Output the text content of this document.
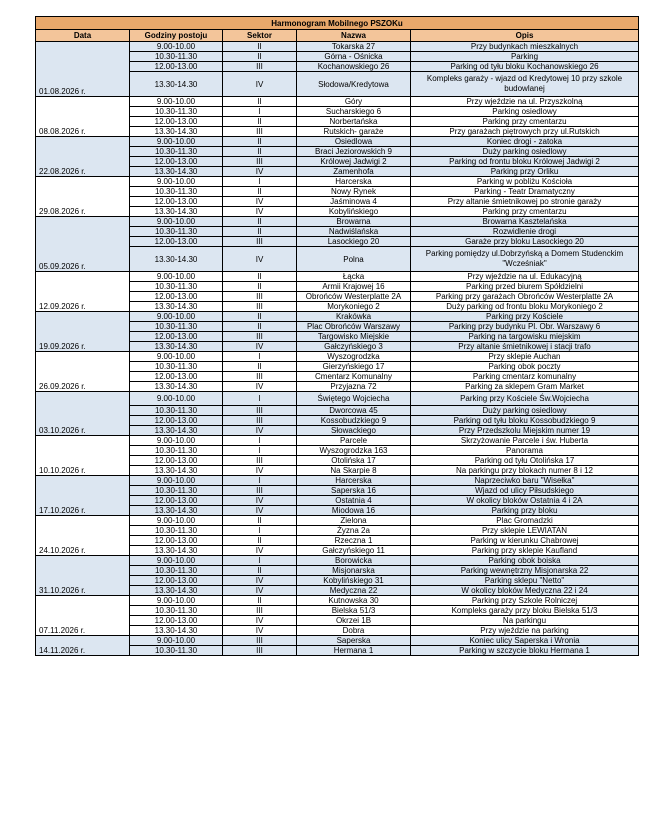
Harmonogram Mobilnego PSZOKu				
Data	Godziny postoju	Sektor	Nazwa	Opis
01.08.2026 r.	9.00-10.00	II	Tokarska 27	Przy budynkach mieszkalnych
	10.30-11.30	II	Górna - Ośnicka	Parking
	12.00-13.00	III	Kochanowskiego 26	Parking od tyłu bloku Kochanowskiego 26
	13.30-14.30	IV	Słodowa/Kredytowa	Kompleks garaży - wjazd od Kredytowej 10 przy szkole budowlanej
08.08.2026 r.	9.00-10.00	II	Góry	Przy wjeździe na ul. Przyszkolną
	10.30-11.30	I	Sucharskiego 6	Parking osiedlowy
	12.00-13.00	II	Norbertańska	Parking przy cmentarzu
	13.30-14.30	III	Rutskich- garaże	Przy garażach piętrowych przy ul.Rutskich
22.08.2026 r.	9.00-10.00	II	Osiedlowa	Koniec drogi - zatoka
	10.30-11.30	II	Braci Jeziorowskich 9	Duży parking osiedlowy
	12.00-13.00	III	Królowej Jadwigi 2	Parking od frontu bloku Królowej Jadwigi 2
	13.30-14.30	IV	Zamenhofa	Parking przy Orliku
29.08.2026 r.	9.00-10.00	I	Harcerska	Parking w pobliżu Kościoła
	10.30-11.30	II	Nowy Rynek	Parking - Teatr Dramatyczny
	12.00-13.00	IV	Jaśminowa 4	Przy altanie śmietnikowej po stronie garaży
	13.30-14.30	IV	Kobylińskiego	Parking przy cmentarzu
05.09.2026 r.	9.00-10.00	II	Browarna	Browarna Kasztelańska
	10.30-11.30	II	Nadwiślańska	Rozwidlenie drogi
	12.00-13.00	III	Lasockiego 20	Garaże przy bloku Lasockiego 20
	13.30-14.30	IV	Polna	Parking pomiędzy ul.Dobrzyńską a Domem Studenckim "Wcześniak"
12.09.2026 r.	9.00-10.00	II	Łącka	Przy wjeździe na ul. Edukacyjną
	10.30-11.30	II	Armii Krajowej 16	Parking przed biurem Spółdzielni
	12.00-13.00	III	Obrońców Westerplatte 2A	Parking przy garażach Obrońców Westerplatte 2A
	13.30-14.30	III	Morykoniego 2	Duży parking od frontu bloku Morykoniego 2
19.09.2026 r.	9.00-10.00	II	Krakówka	Parking przy Kościele
	10.30-11.30	II	Plac Obrońców Warszawy	Parking przy budynku Pl. Obr. Warszawy 6
	12.00-13.00	III	Targowisko Miejskie	Parking na targowisku miejskim
	13.30-14.30	IV	Gałczyńskiego 3	Przy altanie śmietnikowej i stacji trafo
26.09.2026 r.	9.00-10.00	I	Wyszogrodzka	Przy sklepie Auchan
	10.30-11.30	II	Gierzyńskiego 17	Parking obok poczty
	12.00-13.00	III	Cmentarz Komunalny	Parking cmentarz komunalny
	13.30-14.30	IV	Przyjazna 72	Parking za sklepem Gram Market
03.10.2026 r.	9.00-10.00	I	Świętego Wojciecha	Parking przy Kościele Św.Wojciecha
	10.30-11.30	III	Dworcowa 45	Duży parking osiedlowy
	12.00-13.00	III	Kossobudzkiego 9	Parking od tyłu bloku Kossobudzkiego 9
	13.30-14.30	IV	Słowackiego	Przy Przedszkolu Miejskim numer 19
10.10.2026 r.	9.00-10.00	I	Parcele	Skrzyżowanie Parcele i św. Huberta
	10.30-11.30	I	Wyszogrodzka 163	Panorama
	12.00-13.00	III	Otolińska 17	Parking od tyłu Otolińska 17
	13.30-14.30	IV	Na Skarpie 8	Na parkingu przy blokach numer 8 i 12
17.10.2026 r.	9.00-10.00	I	Harcerska	Naprzeciwko baru "Wisełka"
	10.30-11.30	III	Saperska 16	Wjazd od ulicy Piłsudskiego
	12.00-13.00	IV	Ostatnia 4	W okolicy bloków Ostatnia 4 i 2A
	13.30-14.30	IV	Miodowa 16	Parking przy bloku
24.10.2026 r.	9.00-10.00	II	Zielona	Plac Gromadzki
	10.30-11.30	I	Żyzna 2a	Przy sklepie LEWIATAN
	12.00-13.00	II	Rzeczna 1	Parking w kierunku Chabrowej
	13.30-14.30	IV	Gałczyńskiego 11	Parking przy sklepie Kaufland
31.10.2026 r.	9.00-10.00	I	Borowicka	Parking obok boiska
	10.30-11.30	II	Misjonarska	Parking wewnętrzny Misjonarska 22
	12.00-13.00	IV	Kobylińskiego 31	Parking sklepu "Netto"
	13.30-14.30	IV	Medyczna 22	W okolicy bloków Medyczna 22 i 24
07.11.2026 r.	9.00-10.00	II	Kutnowska 30	Parking przy Szkole Rolniczej
	10.30-11.30	III	Bielska 51/3	Kompleks garaży przy bloku Bielska 51/3
	12.00-13.00	IV	Okrzei 1B	Na parkingu
	13.30-14.30	IV	Dobra	Przy wjeździe na parking
14.11.2026 r.	9.00-10.00	III	Saperska	Koniec ulicy Saperska i Wronia
	10.30-11.30	III	Hermana 1	Parking w szczycie bloku Hermana 1
